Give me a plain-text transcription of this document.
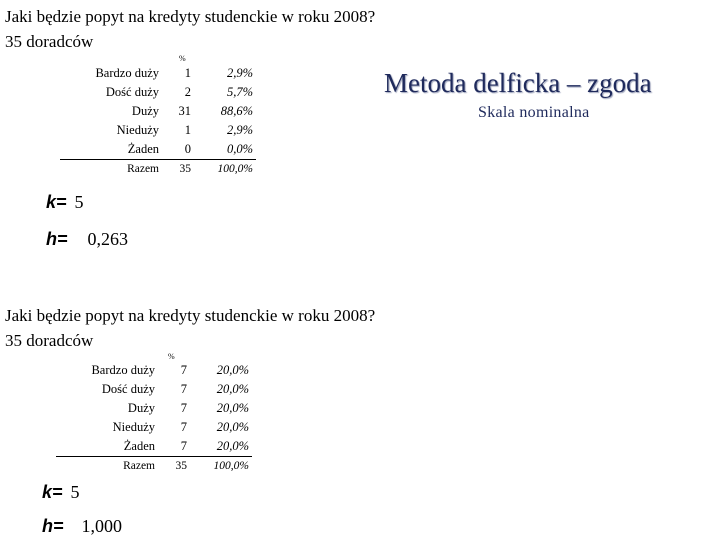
Metoda delficka – zgoda
Skala nominalna
Jaki będzie popyt na kredyty studenckie w roku 2008?
35 doradców
%
Bardzo duży	1	2,9%
Dość duży	2	5,7%
Duży	31	88,6%
Nieduży	1	2,9%
Żaden	0	0,0%
Razem	35	100,0%
k= 5
h= 0,263
Jaki będzie popyt na kredyty studenckie w roku 2008?
35 doradców
%
Bardzo duży	7	20,0%
Dość duży	7	20,0%
Duży	7	20,0%
Nieduży	7	20,0%
Żaden	7	20,0%
Razem	35	100,0%
k= 5
h= 1,000
